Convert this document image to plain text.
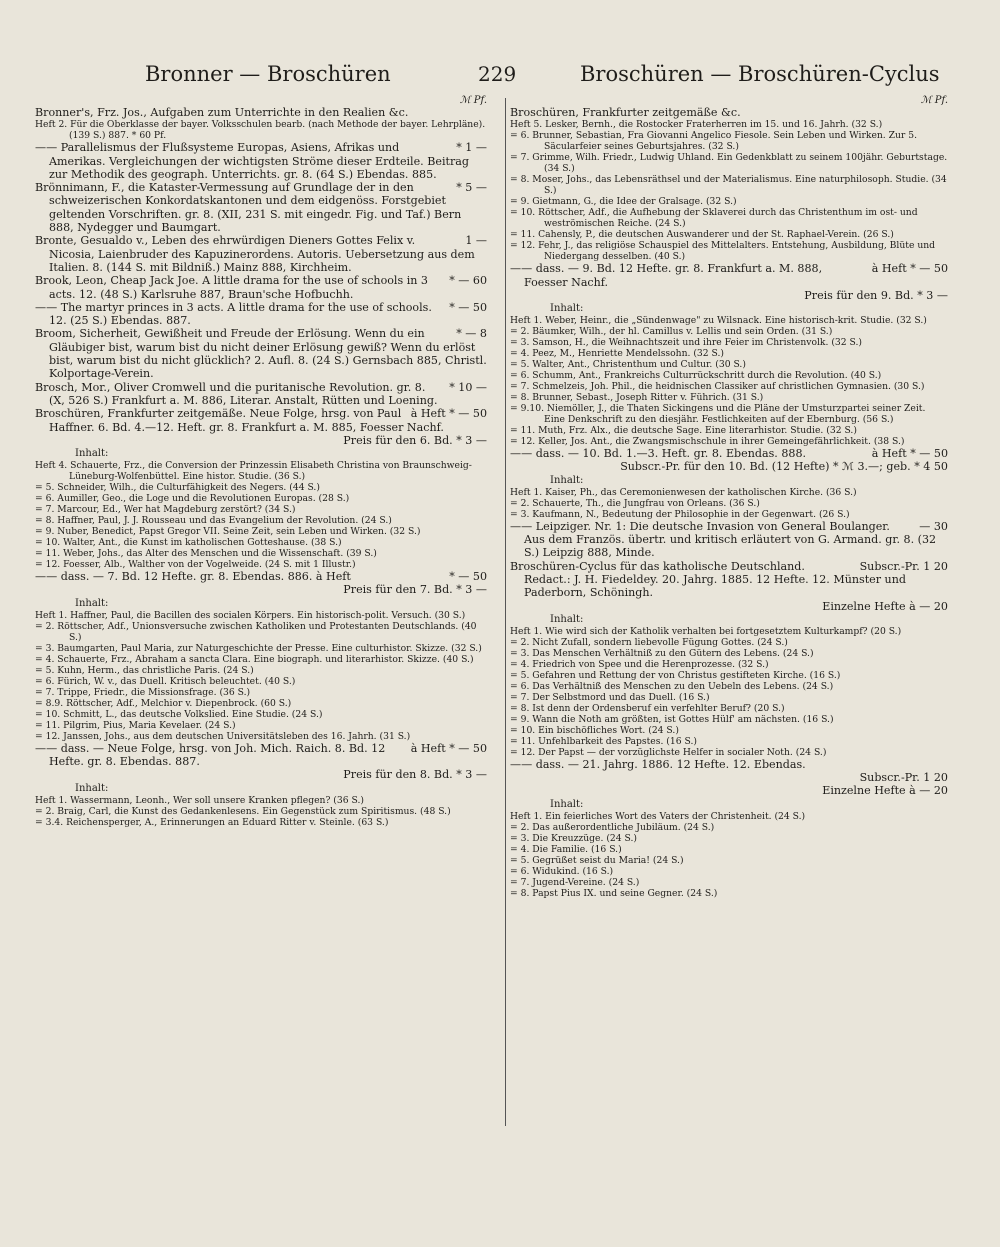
Bronner — Broschüren	229	Broschüren — Broschüren-Cyclus
ℳ Pf.
Bronner's, Frz. Jos., Aufgaben zum Unterrichte in den Realien &c.
Heft 2. Für die Oberklasse der bayer. Volksschulen bearb. (nach Methode der bayer. Lehrpläne). (139 S.) 887. * 60 Pf.
* 1 —
—— Parallelismus der Flußsysteme Europas, Asiens, Afrikas und Amerikas. Vergleichungen der wichtigsten Ströme dieser Erdteile. Beitrag zur Methodik des geograph. Unterrichts. gr. 8. (64 S.) Ebendas. 885.
* 5 —
Brönnimann, F., die Kataster-Vermessung auf Grundlage der in den schweizerischen Konkordatskantonen und dem eidgenöss. Forstgebiet geltenden Vorschriften. gr. 8. (XII, 231 S. mit eingedr. Fig. und Taf.) Bern 888, Nydegger und Baumgart.
1 —
Bronte, Gesualdo v., Leben des ehrwürdigen Dieners Gottes Felix v. Nicosia, Laienbruder des Kapuzinerordens. Autoris. Uebersetzung aus dem Italien. 8. (144 S. mit Bildniß.) Mainz 888, Kirchheim.
* — 60
Brook, Leon, Cheap Jack Joe. A little drama for the use of schools in 3 acts. 12. (48 S.) Karlsruhe 887, Braun'sche Hofbuchh.
* — 50
—— The martyr princes in 3 acts. A little drama for the use of schools. 12. (25 S.) Ebendas. 887.
* — 8
Broom, Sicherheit, Gewißheit und Freude der Erlösung. Wenn du ein Gläubiger bist, warum bist du nicht deiner Erlösung gewiß? Wenn du erlöst bist, warum bist du nicht glücklich? 2. Aufl. 8. (24 S.) Gernsbach 885, Christl. Kolportage-Verein.
* 10 —
Brosch, Mor., Oliver Cromwell und die puritanische Revolution. gr. 8. (X, 526 S.) Frankfurt a. M. 886, Literar. Anstalt, Rütten und Loening.
à Heft * — 50
Broschüren, Frankfurter zeitgemäße. Neue Folge, hrsg. von Paul Haffner. 6. Bd. 4.—12. Heft. gr. 8. Frankfurt a. M. 885, Foesser Nachf.
Preis für den 6. Bd. * 3 —
Inhalt:
Heft 4. Schauerte, Frz., die Conversion der Prinzessin Elisabeth Christina von Braunschweig-Lüneburg-Wolfenbüttel. Eine histor. Studie. (36 S.)
= 5. Schneider, Wilh., die Culturfähigkeit des Negers. (44 S.)
= 6. Aumiller, Geo., die Loge und die Revolutionen Europas. (28 S.)
= 7. Marcour, Ed., Wer hat Magdeburg zerstört? (34 S.)
= 8. Haffner, Paul, J. J. Rousseau und das Evangelium der Revolution. (24 S.)
= 9. Nuber, Benedict, Papst Gregor VII. Seine Zeit, sein Leben und Wirken. (32 S.)
= 10. Walter, Ant., die Kunst im katholischen Gotteshause. (38 S.)
= 11. Weber, Johs., das Alter des Menschen und die Wissenschaft. (39 S.)
= 12. Foesser, Alb., Walther von der Vogelweide. (24 S. mit 1 Illustr.)
* — 50
—— dass. — 7. Bd. 12 Hefte. gr. 8. Ebendas. 886. à Heft
Preis für den 7. Bd. * 3 —
Inhalt:
Heft 1. Haffner, Paul, die Bacillen des socialen Körpers. Ein historisch-polit. Versuch. (30 S.)
= 2. Röttscher, Adf., Unionsversuche zwischen Katholiken und Protestanten Deutschlands. (40 S.)
= 3. Baumgarten, Paul Maria, zur Naturgeschichte der Presse. Eine culturhistor. Skizze. (32 S.)
= 4. Schauerte, Frz., Abraham a sancta Clara. Eine biograph. und literarhistor. Skizze. (40 S.)
= 5. Kuhn, Herm., das christliche Paris. (24 S.)
= 6. Fürich, W. v., das Duell. Kritisch beleuchtet. (40 S.)
= 7. Trippe, Friedr., die Missionsfrage. (36 S.)
= 8.9. Röttscher, Adf., Melchior v. Diepenbrock. (60 S.)
= 10. Schmitt, L., das deutsche Volkslied. Eine Studie. (24 S.)
= 11. Pilgrim, Pius, Maria Kevelaer. (24 S.)
= 12. Janssen, Johs., aus dem deutschen Universitätsleben des 16. Jahrh. (31 S.)
à Heft * — 50
—— dass. — Neue Folge, hrsg. von Joh. Mich. Raich. 8. Bd. 12 Hefte. gr. 8. Ebendas. 887.
Preis für den 8. Bd. * 3 —
Inhalt:
Heft 1. Wassermann, Leonh., Wer soll unsere Kranken pflegen? (36 S.)
= 2. Braig, Carl, die Kunst des Gedankenlesens. Ein Gegenstück zum Spiritismus. (48 S.)
= 3.4. Reichensperger, A., Erinnerungen an Eduard Ritter v. Steinle. (63 S.)
ℳ Pf.
Broschüren, Frankfurter zeitgemäße &c.
Heft 5. Lesker, Bernh., die Rostocker Fraterherren im 15. und 16. Jahrh. (32 S.)
= 6. Brunner, Sebastian, Fra Giovanni Angelico Fiesole. Sein Leben und Wirken. Zur 5. Säcularfeier seines Geburtsjahres. (32 S.)
= 7. Grimme, Wilh. Friedr., Ludwig Uhland. Ein Gedenkblatt zu seinem 100jähr. Geburtstage. (34 S.)
= 8. Moser, Johs., das Lebensräthsel und der Materialismus. Eine naturphilosoph. Studie. (34 S.)
= 9. Gietmann, G., die Idee der Gralsage. (32 S.)
= 10. Röttscher, Adf., die Aufhebung der Sklaverei durch das Christenthum im ost- und weströmischen Reiche. (24 S.)
= 11. Cahensly, P., die deutschen Auswanderer und der St. Raphael-Verein. (26 S.)
= 12. Fehr, J., das religiöse Schauspiel des Mittelalters. Entstehung, Ausbildung, Blüte und Niedergang desselben. (40 S.)
à Heft * — 50
—— dass. — 9. Bd. 12 Hefte. gr. 8. Frankfurt a. M. 888, Foesser Nachf.
Preis für den 9. Bd. * 3 —
Inhalt:
Heft 1. Weber, Heinr., die „Sündenwage" zu Wilsnack. Eine historisch-krit. Studie. (32 S.)
= 2. Bäumker, Wilh., der hl. Camillus v. Lellis und sein Orden. (31 S.)
= 3. Samson, H., die Weihnachtszeit und ihre Feier im Christenvolk. (32 S.)
= 4. Peez, M., Henriette Mendelssohn. (32 S.)
= 5. Walter, Ant., Christenthum und Cultur. (30 S.)
= 6. Schumm, Ant., Frankreichs Culturrückschritt durch die Revolution. (40 S.)
= 7. Schmelzeis, Joh. Phil., die heidnischen Classiker auf christlichen Gymnasien. (30 S.)
= 8. Brunner, Sebast., Joseph Ritter v. Führich. (31 S.)
= 9.10. Niemöller, J., die Thaten Sickingens und die Pläne der Umsturzpartei seiner Zeit. Eine Denkschrift zu den diesjähr. Festlichkeiten auf der Ebernburg. (56 S.)
= 11. Muth, Frz. Alx., die deutsche Sage. Eine literarhistor. Studie. (32 S.)
= 12. Keller, Jos. Ant., die Zwangsmischschule in ihrer Gemeingefährlichkeit. (38 S.)
à Heft * — 50
—— dass. — 10. Bd. 1.—3. Heft. gr. 8. Ebendas. 888.
Subscr.-Pr. für den 10. Bd. (12 Hefte) * ℳ 3.—; geb. * 4 50
Inhalt:
Heft 1. Kaiser, Ph., das Ceremonienwesen der katholischen Kirche. (36 S.)
= 2. Schauerte, Th., die Jungfrau von Orleans. (36 S.)
= 3. Kaufmann, N., Bedeutung der Philosophie in der Gegenwart. (26 S.)
— 30
—— Leipziger. Nr. 1: Die deutsche Invasion von General Boulanger. Aus dem Französ. übertr. und kritisch erläutert von G. Armand. gr. 8. (32 S.) Leipzig 888, Minde.
Subscr.-Pr. 1 20
Broschüren-Cyclus für das katholische Deutschland. Redact.: J. H. Fiedeldey. 20. Jahrg. 1885. 12 Hefte. 12. Münster und Paderborn, Schöningh.
Einzelne Hefte à — 20
Inhalt:
Heft 1. Wie wird sich der Katholik verhalten bei fortgesetztem Kulturkampf? (20 S.)
= 2. Nicht Zufall, sondern liebevolle Fügung Gottes. (24 S.)
= 3. Das Menschen Verhältniß zu den Gütern des Lebens. (24 S.)
= 4. Friedrich von Spee und die Herenprozesse. (32 S.)
= 5. Gefahren und Rettung der von Christus gestifteten Kirche. (16 S.)
= 6. Das Verhältniß des Menschen zu den Uebeln des Lebens. (24 S.)
= 7. Der Selbstmord und das Duell. (16 S.)
= 8. Ist denn der Ordensberuf ein verfehlter Beruf? (20 S.)
= 9. Wann die Noth am größten, ist Gottes Hülf' am nächsten. (16 S.)
= 10. Ein bischöfliches Wort. (24 S.)
= 11. Unfehlbarkeit des Papstes. (16 S.)
= 12. Der Papst — der vorzüglichste Helfer in socialer Noth. (24 S.)
—— dass. — 21. Jahrg. 1886. 12 Hefte. 12. Ebendas.
Subscr.-Pr. 1 20
Einzelne Hefte à — 20
Inhalt:
Heft 1. Ein feierliches Wort des Vaters der Christenheit. (24 S.)
= 2. Das außerordentliche Jubiläum. (24 S.)
= 3. Die Kreuzzüge. (24 S.)
= 4. Die Familie. (16 S.)
= 5. Gegrüßet seist du Maria! (24 S.)
= 6. Widukind. (16 S.)
= 7. Jugend-Vereine. (24 S.)
= 8. Papst Pius IX. und seine Gegner. (24 S.)
